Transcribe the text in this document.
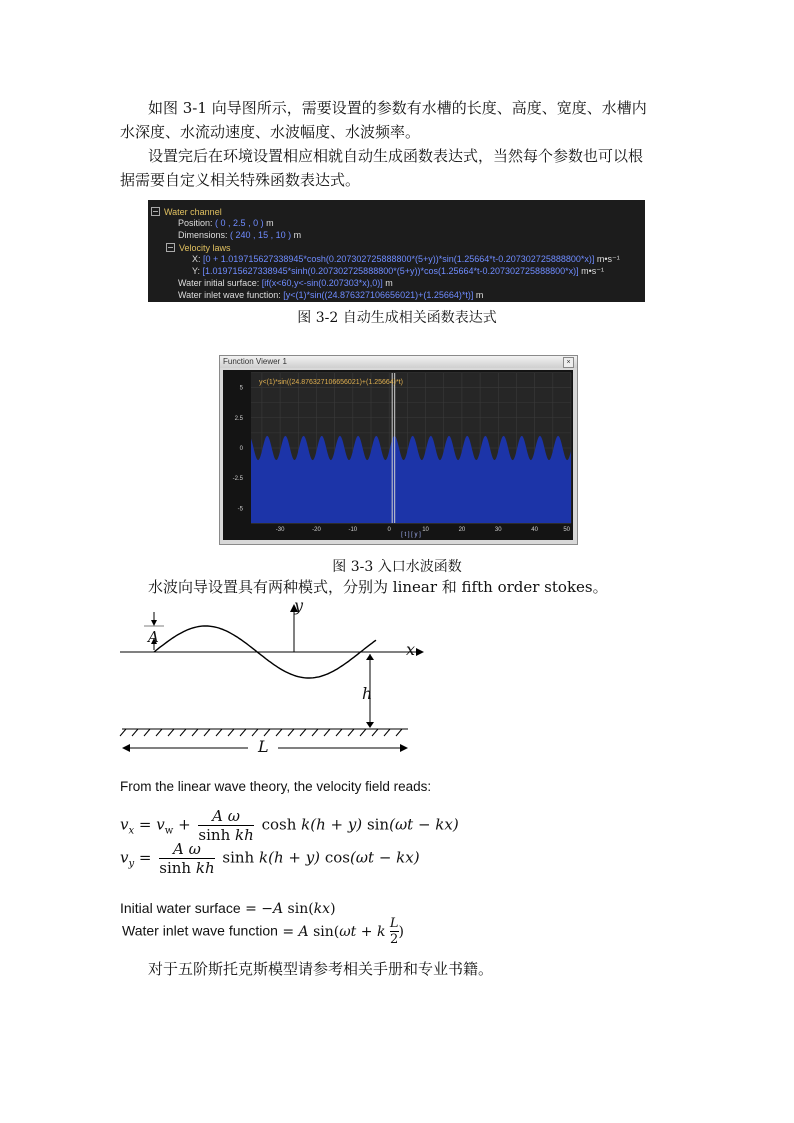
如图 3-1 向导图所示，需要设置的参数有水槽的长度、高度、宽度、水槽内
水深度、水流动速度、水波幅度、水波频率。
设置完后在环境设置相应相就自动生成函数表达式，当然每个参数也可以根
据需要自定义相关特殊函数表达式。
Water channel
Position: ( 0 , 2.5 , 0 ) m
Dimensions: ( 240 , 15 , 10 ) m
Velocity laws
X: [0 + 1.019715627338945*cosh(0.207302725888800*(5+y))*sin(1.25664*t-0.207302725888800*x)] m•s⁻¹
Y: [1.019715627338945*sinh(0.207302725888800*(5+y))*cos(1.25664*t-0.207302725888800*x)] m•s⁻¹
Water initial surface: [if(x<60,y<-sin(0.207303*x),0)] m
Water inlet wave function: [y<(1)*sin((24.876327106656021)+(1.25664)*t)] m
图 3-2 自动生成相关函数表达式
Function Viewer 1	×
5
2.5
0
-2.5
-5
-30	-20	-10	0	10	20	30	40	50
y<(1)*sin((24.876327106656021)+(1.25664)*t)
[ t ] [ y ]
图 3-3 入口水波函数
水波向导设置具有两种模式，分别为 linear 和 fifth order stokes。
A
x
y
h
L
From the linear wave theory, the velocity field reads:
$v_x = v_w + \frac{\text{A ω}}{\text{sinh kh}}$ cosh k(h + y) sin(ωt − kx)
$v_y = \frac{\text{A ω}}{\text{sinh kh}}$ sinh k(h + y) cos(ωt − kx)
Initial water surface = −A sin(kx)
Water inlet wave function = A sin(ωt + k $\frac{L}{2}$ )
对于五阶斯托克斯模型请参考相关手册和专业书籍。
